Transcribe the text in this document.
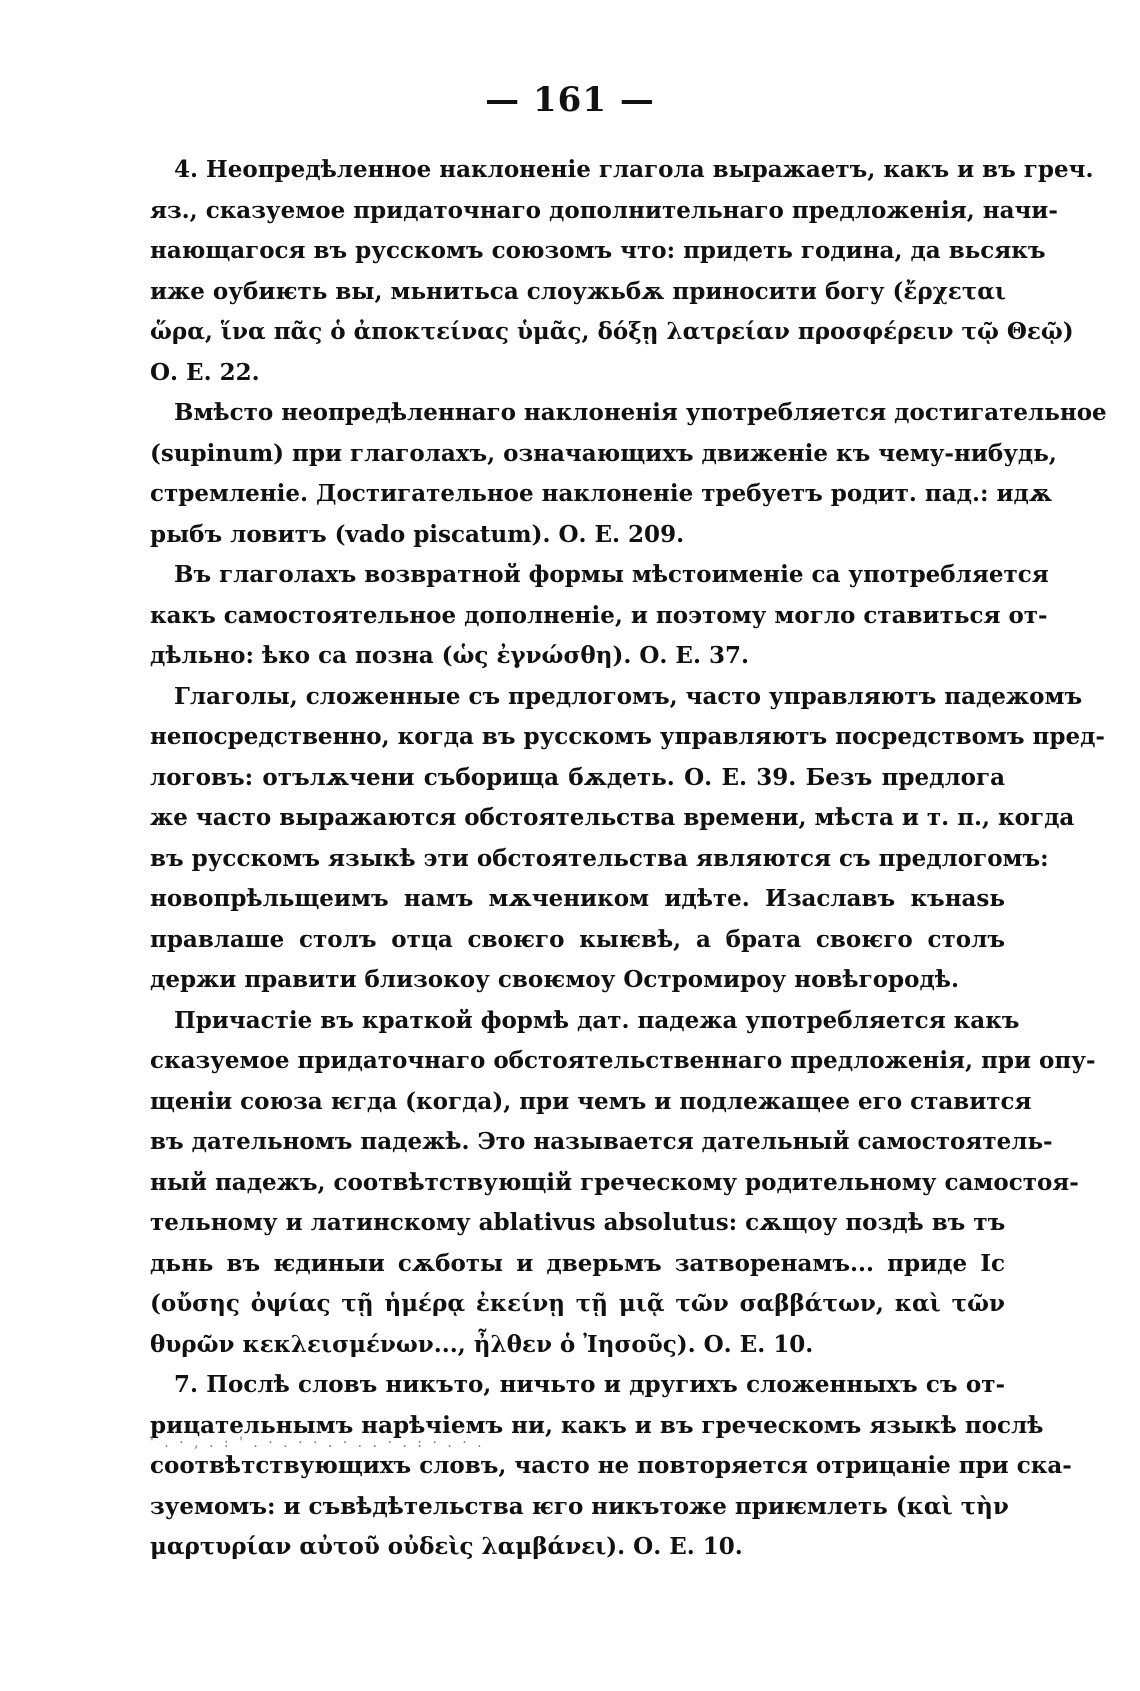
— 161 —
4. Неопредѣленное наклоненіе глагола выражаетъ, какъ и въ греч.
яз., сказуемое придаточнаго дополнительнаго предложенія, начи-
нающагося въ русскомъ союзомъ что: придеть година, да вьсякъ
иже оубиѥть вы, мьнитьса слоужьбѫ приносити богу (ἔρχεται
ὥρα, ἵνα πᾶς ὁ ἀποκτείνας ὑμᾶς, δόξῃ λατρείαν προσφέρειν τῷ Θεῷ)
О. Е. 22.
Вмѣсто неопредѣленнаго наклоненія употребляется достигательное
(supinum) при глаголахъ, означающихъ движеніе къ чему-нибудь,
стремленіе. Достигательное наклоненіе требуетъ родит. пад.: идѫ
рыбъ ловитъ (vado piscatum). О. Е. 209.
Въ глаголахъ возвратной формы мѣстоименіе са употребляется
какъ самостоятельное дополненіе, и поэтому могло ставиться от-
дѣльно: ѣко са позна (ὡς ἐγνώσθη). О. Е. 37.
Глаголы, сложенные съ предлогомъ, часто управляютъ падежомъ
непосредственно, когда въ русскомъ управляютъ посредствомъ пред-
логовъ: отълѫчени съборища бѫдеть. О. Е. 39. Безъ предлога
же часто выражаются обстоятельства времени, мѣста и т. п., когда
въ русскомъ языкѣ эти обстоятельства являются съ предлогомъ:
новопрѣльщеимъ намъ мѫчеником идѣте. Изаславъ кънаѕь
правлаше столъ отца своѥго кыѥвѣ, а брата своѥго столъ
держи правити близокоу своѥмоу Остромироу новѣгородѣ.
Причастіе въ краткой формѣ дат. падежа употребляется какъ
сказуемое придаточнаго обстоятельственнаго предложенія, при опу-
щеніи союза ѥгда (когда), при чемъ и подлежащее его ставится
въ дательномъ падежѣ. Это называется дательный самостоятель-
ный падежъ, соотвѣтствующій греческому родительному самостоя-
тельному и латинскому ablativus absolutus: сѫщоу поздѣ въ тъ
дьнь въ ѥдиныи сѫботы и дверьмъ затворенамъ... приде Іс
(οὔσης ὀψίας τῇ ἡμέρᾳ ἐκείνῃ τῇ μιᾷ τῶν σαββάτων, καὶ τῶν
θυρῶν κεκλεισμένων..., ἦλθεν ὁ Ἰησοῦς). О. Е. 10.
7. Послѣ словъ никъто, ничьто и другихъ сложенныхъ съ от-
рицательнымъ нарѣчіемъ ни, какъ и въ греческомъ языкѣ послѣ
соотвѣтствующихъ словъ, часто не повторяется отрицаніе при ска-
зуемомъ: и съвѣдѣтельства ѥго никътоже приѥмлеть (καὶ τὴν
μαρτυρίαν αὐτοῦ οὐδεὶς λαμβάνει). О. Е. 10.
' . · , . : ' . · . · · . · . . · . : · . · .
